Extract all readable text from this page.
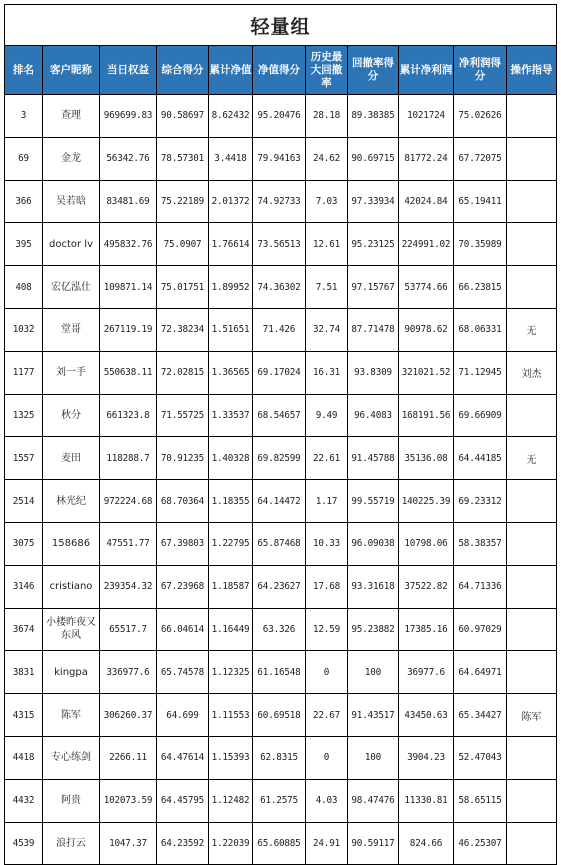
轻量组										
排名	客户昵称	当日权益	综合得分	累计净值	净值得分	历史最大回撤率	回撤率得分	累计净利润	净利润得分	操作指导
3	查理	969699.83	90.58697	8.62432	95.20476	28.18	89.38385	1021724	75.02626	
69	金龙	56342.76	78.57301	3.4418	79.94163	24.62	90.69715	81772.24	67.72075	
366	吴若晗	83481.69	75.22189	2.01372	74.92733	7.03	97.33934	42024.84	65.19411	
395	doctor lv	495832.76	75.0907	1.76614	73.56513	12.61	95.23125	224991.02	70.35989	
408	宏亿泓仕	109871.14	75.01751	1.89952	74.36302	7.51	97.15767	53774.66	66.23815	
1032	堂哥	267119.19	72.38234	1.51651	71.426	32.74	87.71478	90978.62	68.06331	无
1177	刘一手	550638.11	72.02815	1.36565	69.17024	16.31	93.8309	321021.52	71.12945	刘杰
1325	秋分	661323.8	71.55725	1.33537	68.54657	9.49	96.4083	168191.56	69.66909	
1557	麦田	118288.7	70.91235	1.40328	69.82599	22.61	91.45788	35136.08	64.44185	无
2514	林光纪	972224.68	68.70364	1.18355	64.14472	1.17	99.55719	140225.39	69.23312	
3075	158686	47551.77	67.39803	1.22795	65.87468	10.33	96.09038	10798.06	58.38357	
3146	cristiano	239354.32	67.23968	1.18587	64.23627	17.68	93.31618	37522.82	64.71336	
3674	小楼昨夜又东风	65517.7	66.04614	1.16449	63.326	12.59	95.23882	17385.16	60.97029	
3831	kingpa	336977.6	65.74578	1.12325	61.16548	0	100	36977.6	64.64971	
4315	陈军	306260.37	64.699	1.11553	60.69518	22.67	91.43517	43450.63	65.34427	陈军
4418	专心练剑	2266.11	64.47614	1.15393	62.8315	0	100	3904.23	52.47043	
4432	阿贵	102073.59	64.45795	1.12482	61.2575	4.03	98.47476	11330.81	58.65115	
4539	浪打云	1047.37	64.23592	1.22039	65.60885	24.91	90.59117	824.66	46.25307	
